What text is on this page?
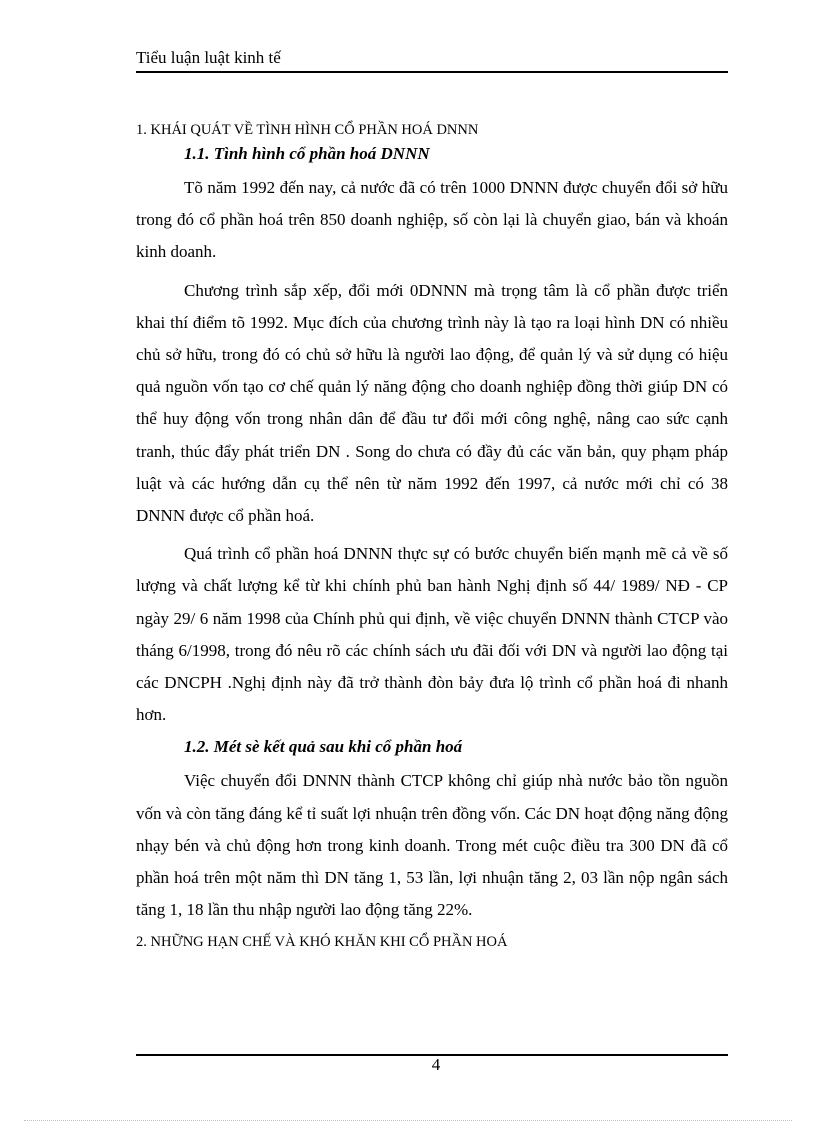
Tiểu luận luật kinh tế

1. KHÁI QUÁT VỀ TÌNH HÌNH CỔ PHẦN HOÁ DNNN

1.1. Tình hình cổ phần hoá DNNN

Tõ năm 1992 đến nay, cả nước đã có trên 1000 DNNN được chuyển đổi sở hữu trong đó cổ phần hoá trên 850 doanh nghiệp, số còn lại là chuyển giao, bán và khoán kinh doanh.

Chương trình sắp xếp, đổi mới 0DNNN mà trọng tâm là cổ phần được triển khai thí điểm tõ 1992. Mục đích của chương trình này là tạo ra loại hình DN có nhiều chủ sở hữu, trong đó có chủ sở hữu là người lao động, để quản lý và sử dụng có hiệu quả nguồn vốn tạo cơ chế quản lý năng động cho doanh nghiệp đồng thời giúp DN có thể huy động vốn trong nhân dân để đầu tư đổi mới công nghệ, nâng cao sức cạnh tranh, thúc đẩy phát triển DN . Song do chưa có đầy đủ các văn bản, quy phạm pháp luật và các hướng dẫn cụ thể nên từ năm 1992 đến 1997, cả nước mới chỉ có 38 DNNN được cổ phần hoá.

Quá trình cổ phần hoá DNNN thực sự có bước chuyển biến mạnh mẽ cả về số lượng và chất lượng kể từ khi chính phủ ban hành Nghị định số 44/ 1989/ NĐ - CP ngày 29/ 6 năm 1998 của Chính phủ qui định, về việc chuyển DNNN thành CTCP vào tháng 6/1998, trong đó nêu rõ các chính sách ưu đãi đối với DN và người lao động tại các DNCPH .Nghị định này đã trở thành đòn bảy đưa lộ trình cổ phần hoá đi nhanh hơn.

1.2. Mét sè kết quả sau khi cổ phần hoá

Việc chuyển đổi DNNN thành CTCP không chỉ giúp nhà nước bảo tồn nguồn vốn và còn tăng đáng kể tỉ suất lợi nhuận trên đồng vốn. Các DN hoạt động năng động nhạy bén và chủ động hơn trong kinh doanh. Trong mét cuộc điều tra 300 DN đã cổ phần hoá trên một năm thì DN tăng 1, 53 lần, lợi nhuận tăng 2, 03 lần nộp ngân sách tăng 1, 18 lần thu nhập người lao động tăng 22%.

2. NHỮNG HẠN CHẾ VÀ KHÓ KHĂN KHI CỔ PHẦN HOÁ

4
